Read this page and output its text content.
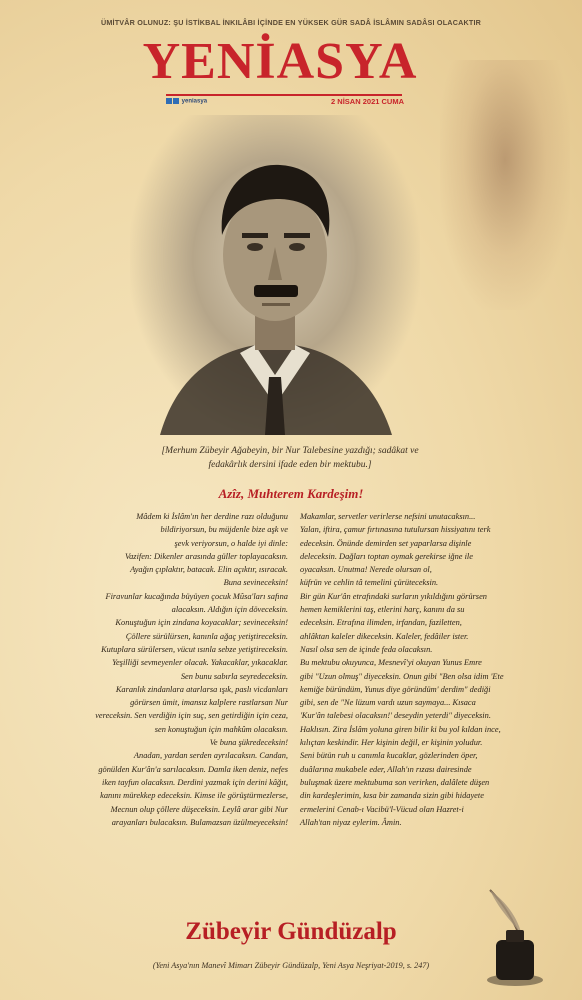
ÜMİTVÂR OLUNUZ: ŞU İSTİKBAL İNKILÂBI İÇİNDE EN YÜKSEK GÜR SADÂ İSLÂMIN SADÂSI OLACAKTIR
YENİASYA
yeniasya	2 NİSAN 2021 CUMA
[Merhum Zübeyir Ağabeyin, bir Nur Talebesine yazdığı; sadâkat ve
fedakârlık dersini ifade eden bir mektubu.]
Azîz, Muhterem Kardeşim!

Mâdem ki İslâm'ın her derdine razı olduğunu

bildiriyorsun, bu müjdenle bize aşk ve

şevk veriyorsun, o halde iyi dinle:

Vazifen: Dikenler arasında güller toplayacaksın.

Ayağın çıplaktır, batacak. Elin açıktır, ısıracak.

Buna sevineceksin!

Firavunlar kucağında büyüyen çocuk Mûsa'ları safına

alacaksın. Aldığın için döveceksin.

Konuştuğun için zindana koyacaklar; sevineceksin!

Çöllere sürülürsen, kanınla ağaç yetiştireceksin.

Kutuplara sürülersen, vücut ısınla sebze yetiştireceksin.

Yeşilliği sevmeyenler olacak. Yakacaklar, yıkacaklar.

Sen bunu sabırla seyredeceksin.

Karanlık zindanlara atarlarsa ışık, paslı vicdanları

görürsen ümit, imansız kalplere rastlarsan Nur

vereceksin. Sen verdiğin için suç, sen getirdiğin için ceza,

sen konuştuğun için mahkûm olacaksın.

Ve buna şükredeceksin!

Anadan, yardan serden ayrılacaksın. Candan,

gönülden Kur'ân'a sarılacaksın. Damla iken deniz, nefes

iken tayfun olacaksın. Derdini yazmak için derini kâğıt,

kanını mürekkep edeceksin. Kimse ile görüştürmezlerse,

Mecnun olup çöllere düşeceksin. Leylâ arar gibi Nur

arayanları bulacaksın. Bulamazsan üzülmeyeceksin!

Makamlar, servetler verirlerse nefsini unutacaksın...

Yalan, iftira, çamur fırtınasına tutulursan hissiyatını terk

edeceksin. Önünde demirden set yaparlarsa dişinle

deleceksin. Dağları toptan oymak gerekirse iğne ile

oyacaksın. Unutma! Nerede olursan ol,

küfrün ve cehlin tâ temelini çürüteceksin.

Bir gün Kur'ân etrafındaki surların yıkıldığını görürsen

hemen kemiklerini taş, etlerini harç, kanını da su

edeceksin. Etrafına ilimden, irfandan, faziletten,

ahlâktan kaleler dikeceksin. Kaleler, fedâiler ister.

Nasıl olsa sen de içinde feda olacaksın.

Bu mektubu okuyunca, Mesnevî'yi okuyan Yunus Emre

gibi "Uzun olmuş" diyeceksin. Onun gibi "Ben olsa idim 'Ete

kemiğe büründüm, Yunus diye göründüm' derdim" dediği

gibi, sen de "Ne lüzum vardı uzun saymaya... Kısaca

'Kur'ân talebesi olacaksın!' deseydin yeterdi" diyeceksin.

Haklısın. Zira İslâm yoluna giren bilir ki bu yol kıldan ince,

kılıçtan keskindir. Her kişinin değil, er kişinin yoludur.

Seni bütün ruh u canımla kucaklar, gözlerinden öper,

duâlarına mukabele eder, Allah'ın rızası dairesinde

buluşmak üzere mektubuma son verirken, dalâlete düşen

din kardeşlerimin, kısa bir zamanda sizin gibi hidayete

ermelerini Cenab-ı Vacibü'l-Vücud olan Hazret-i

Allah'tan niyaz eylerim. Âmin.

Zübeyir Gündüzalp
(Yeni Asya'nın Manevî Mimarı Zübeyir Gündüzalp, Yeni Asya Neşriyat-2019, s. 247)
